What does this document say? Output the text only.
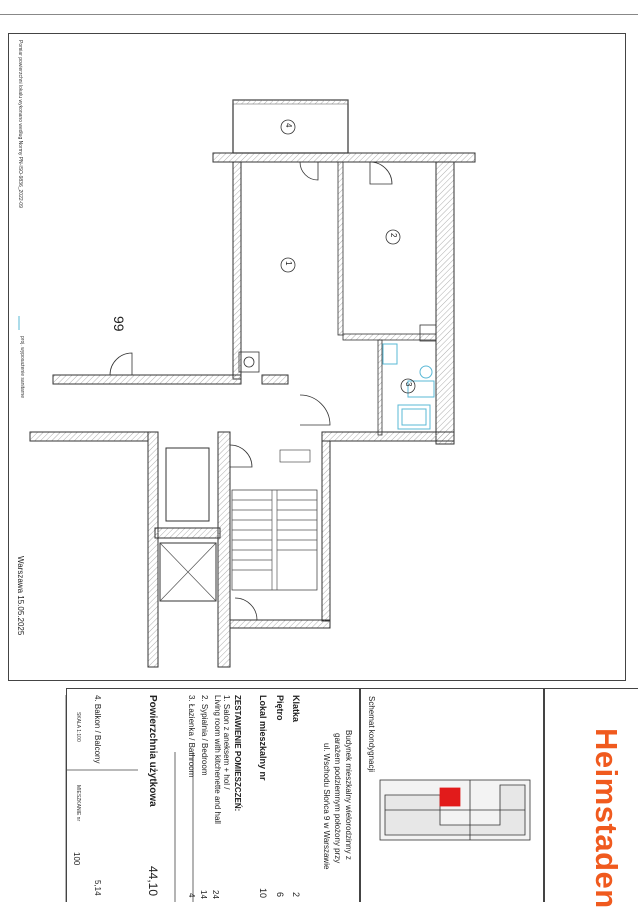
Pomiar powierzchni lokalu wykonano według Normy PN-ISO-9836_2022-09
proj. wyposażenie sanitarne
Warszawa 15.05.2025
99
4
1
2
3
Budynek mieszkalny wielorodzinny z
garażem podziemnym położony przy
ul. Wschodu Słońca 9 w Warszawie
Klatka
2
Piętro
6
Lokal mieszkalny nr
10
ZESTAWIENIE POMIESZCZEŃ:
1. Salon z aneksem + hol /
Living room with kitchenette and hall
2. Sypialnia / Bedroom
3. Łazienka / Bathroom
24
14
4
Powierzchnia użytkowa
44,10
4. Balkon / Balcony
5,14
SKALA 1:100
MIESZKANIE nr
100
Schemat kondygnacji	Heimstaden
